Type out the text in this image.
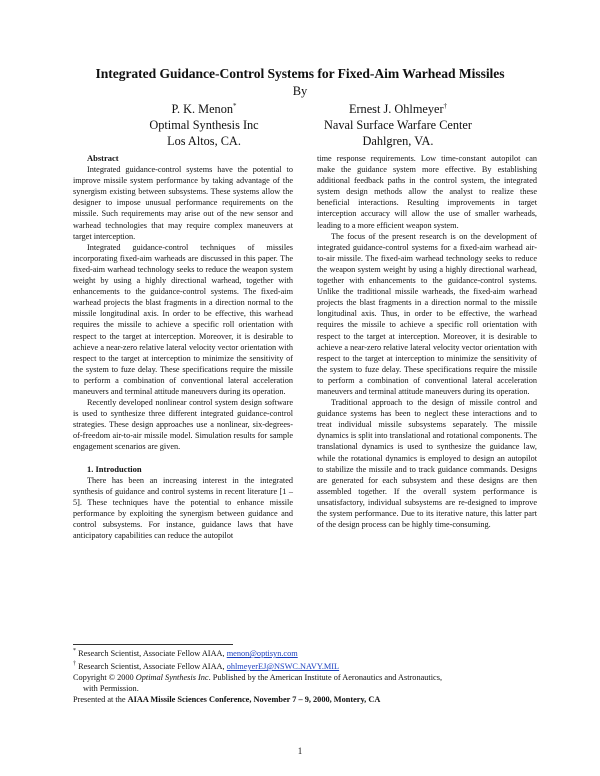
Integrated Guidance-Control Systems for Fixed-Aim Warhead Missiles
By
P. K. Menon*
Optimal Synthesis Inc
Los Altos, CA.
Ernest J. Ohlmeyer†
Naval Surface Warfare Center
Dahlgren, VA.

Abstract

Integrated guidance-control systems have the potential to improve missile system performance by taking advantage of the synergism existing between subsystems. These systems allow the designer to impose unusual performance requirements on the missile. Such requirements may arise out of the new sensor and warhead technologies that may require complex maneuvers at target interception.

Integrated guidance-control techniques of missiles incorporating fixed-aim warheads are discussed in this paper. The fixed-aim warhead technology seeks to reduce the weapon system weight by using a highly directional warhead, together with enhancements to the guidance-control systems. The fixed-aim warhead projects the blast fragments in a direction normal to the missile longitudinal axis. In order to be effective, this warhead requires the missile to achieve a specific roll orientation with respect to the target at interception. Moreover, it is desirable to achieve a near-zero relative lateral velocity vector orientation with respect to the target at interception to minimize the sensitivity of the system to fuze delay. These specifications require the missile to perform a combination of conventional lateral acceleration maneuvers and terminal attitude maneuvers during its operation.

Recently developed nonlinear control system design software is used to synthesize three different integrated guidance-control strategies. These design approaches use a nonlinear, six-degrees-of-freedom air-to-air missile model. Simulation results for sample engagement scenarios are given.

1. Introduction

There has been an increasing interest in the integrated synthesis of guidance and control systems in recent literature [1 – 5]. These techniques have the potential to enhance missile performance by exploiting the synergism between guidance and control subsystems. For instance, guidance laws that have anticipatory capabilities can reduce the autopilot

time response requirements. Low time-constant autopilot can make the guidance system more effective. By establishing additional feedback paths in the control system, the integrated system design methods allow the analyst to realize these beneficial interactions. Resulting improvements in target interception accuracy will allow the use of smaller warheads, leading to a more efficient weapon system.

The focus of the present research is on the development of integrated guidance-control systems for a fixed-aim warhead air-to-air missile. The fixed-aim warhead technology seeks to reduce the weapon system weight by using a highly directional warhead, together with enhancements to the guidance-control systems. Unlike the traditional missile warheads, the fixed-aim warhead projects the blast fragments in a direction normal to the missile longitudinal axis. Thus, in order to be effective, the warhead requires the missile to achieve a specific roll orientation with respect to the target at interception. Moreover, it is desirable to achieve a near-zero relative lateral velocity vector orientation with respect to the target at interception to minimize the sensitivity of the system to fuze delay. These specifications require the missile to perform a combination of conventional lateral acceleration maneuvers and terminal attitude maneuvers during its operation.

Traditional approach to the design of missile control and guidance systems has been to neglect these interactions and to treat individual missile subsystems separately. The missile dynamics is split into translational and rotational components. The translational dynamics is used to synthesize the guidance law, while the rotational dynamics is employed to design an autopilot to stabilize the missile and to track guidance commands. Designs are generated for each subsystem and these designs are then assembled together. If the overall system performance is unsatisfactory, individual subsystems are re-designed to improve the system performance. Due to its iterative nature, this latter part of the design process can be highly time-consuming.

* Research Scientist, Associate Fellow AIAA, menon@optisyn.com

† Research Scientist, Associate Fellow AIAA, ohlmeyerEJ@NSWC.NAVY.MIL

Copyright © 2000 Optimal Synthesis Inc. Published by the American Institute of Aeronautics and Astronautics,

with Permission.

Presented at the AIAA Missile Sciences Conference, November 7 – 9, 2000, Montery, CA

1
